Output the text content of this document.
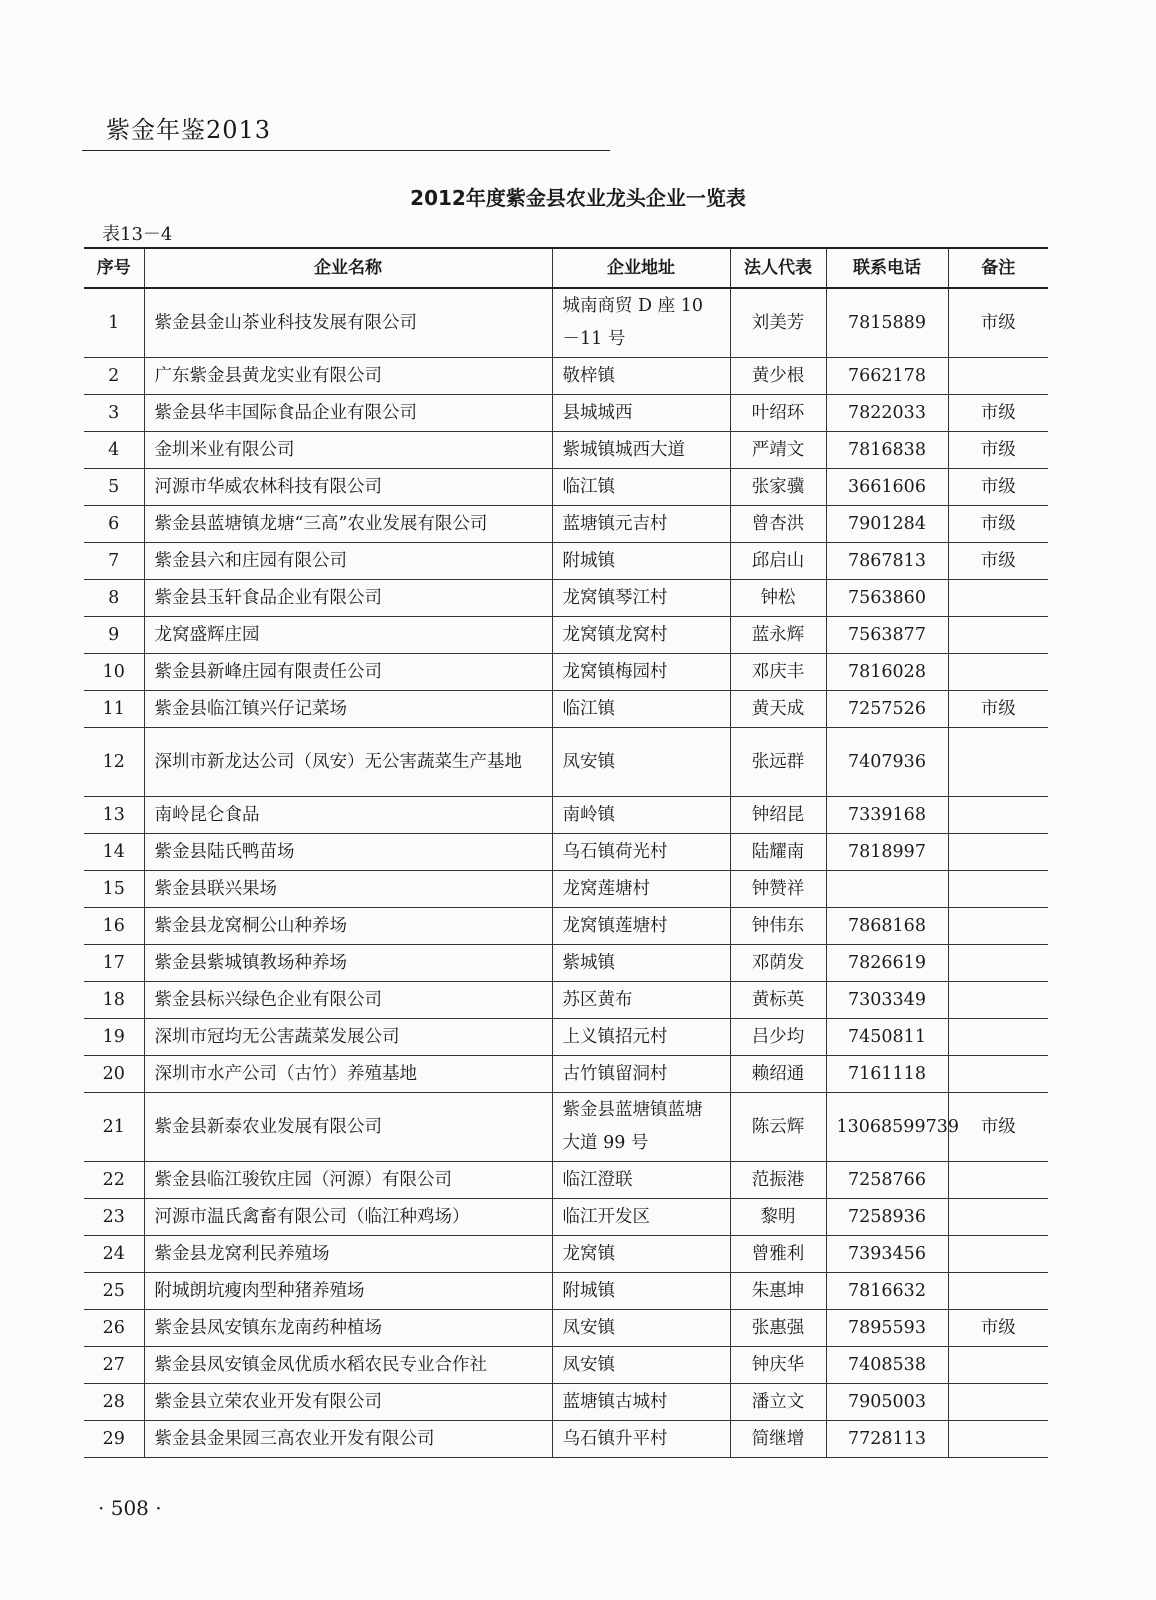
紫金年鉴2013
2012年度紫金县农业龙头企业一览表
表13－4
序号	企业名称	企业地址	法人代表	联系电话	备注
1	紫金县金山茶业科技发展有限公司	城南商贸 D 座 10－11 号	刘美芳	7815889	市级
2	广东紫金县黄龙实业有限公司	敬梓镇	黄少根	7662178	
3	紫金县华丰国际食品企业有限公司	县城城西	叶绍环	7822033	市级
4	金圳米业有限公司	紫城镇城西大道	严靖文	7816838	市级
5	河源市华威农林科技有限公司	临江镇	张家骥	3661606	市级
6	紫金县蓝塘镇龙塘“三高”农业发展有限公司	蓝塘镇元吉村	曾杏洪	7901284	市级
7	紫金县六和庄园有限公司	附城镇	邱启山	7867813	市级
8	紫金县玉轩食品企业有限公司	龙窝镇琴江村	钟松	7563860	
9	龙窝盛辉庄园	龙窝镇龙窝村	蓝永辉	7563877	
10	紫金县新峰庄园有限责任公司	龙窝镇梅园村	邓庆丰	7816028	
11	紫金县临江镇兴仔记菜场	临江镇	黄天成	7257526	市级
12	深圳市新龙达公司（凤安）无公害蔬菜生产基地	凤安镇	张远群	7407936	
13	南岭昆仑食品	南岭镇	钟绍昆	7339168	
14	紫金县陆氏鸭苗场	乌石镇荷光村	陆耀南	7818997	
15	紫金县联兴果场	龙窝莲塘村	钟赞祥		
16	紫金县龙窝桐公山种养场	龙窝镇莲塘村	钟伟东	7868168	
17	紫金县紫城镇教场种养场	紫城镇	邓荫发	7826619	
18	紫金县标兴绿色企业有限公司	苏区黄布	黄标英	7303349	
19	深圳市冠均无公害蔬菜发展公司	上义镇招元村	吕少均	7450811	
20	深圳市水产公司（古竹）养殖基地	古竹镇留洞村	赖绍通	7161118	
21	紫金县新泰农业发展有限公司	紫金县蓝塘镇蓝塘大道 99 号	陈云辉	13068599739	市级
22	紫金县临江骏钦庄园（河源）有限公司	临江澄联	范振港	7258766	
23	河源市温氏禽畜有限公司（临江种鸡场）	临江开发区	黎明	7258936	
24	紫金县龙窝利民养殖场	龙窝镇	曾雅利	7393456	
25	附城朗坑瘦肉型种猪养殖场	附城镇	朱惠坤	7816632	
26	紫金县凤安镇东龙南药种植场	凤安镇	张惠强	7895593	市级
27	紫金县凤安镇金凤优质水稻农民专业合作社	凤安镇	钟庆华	7408538	
28	紫金县立荣农业开发有限公司	蓝塘镇古城村	潘立文	7905003	
29	紫金县金果园三高农业开发有限公司	乌石镇升平村	简继增	7728113	
· 508 ·
